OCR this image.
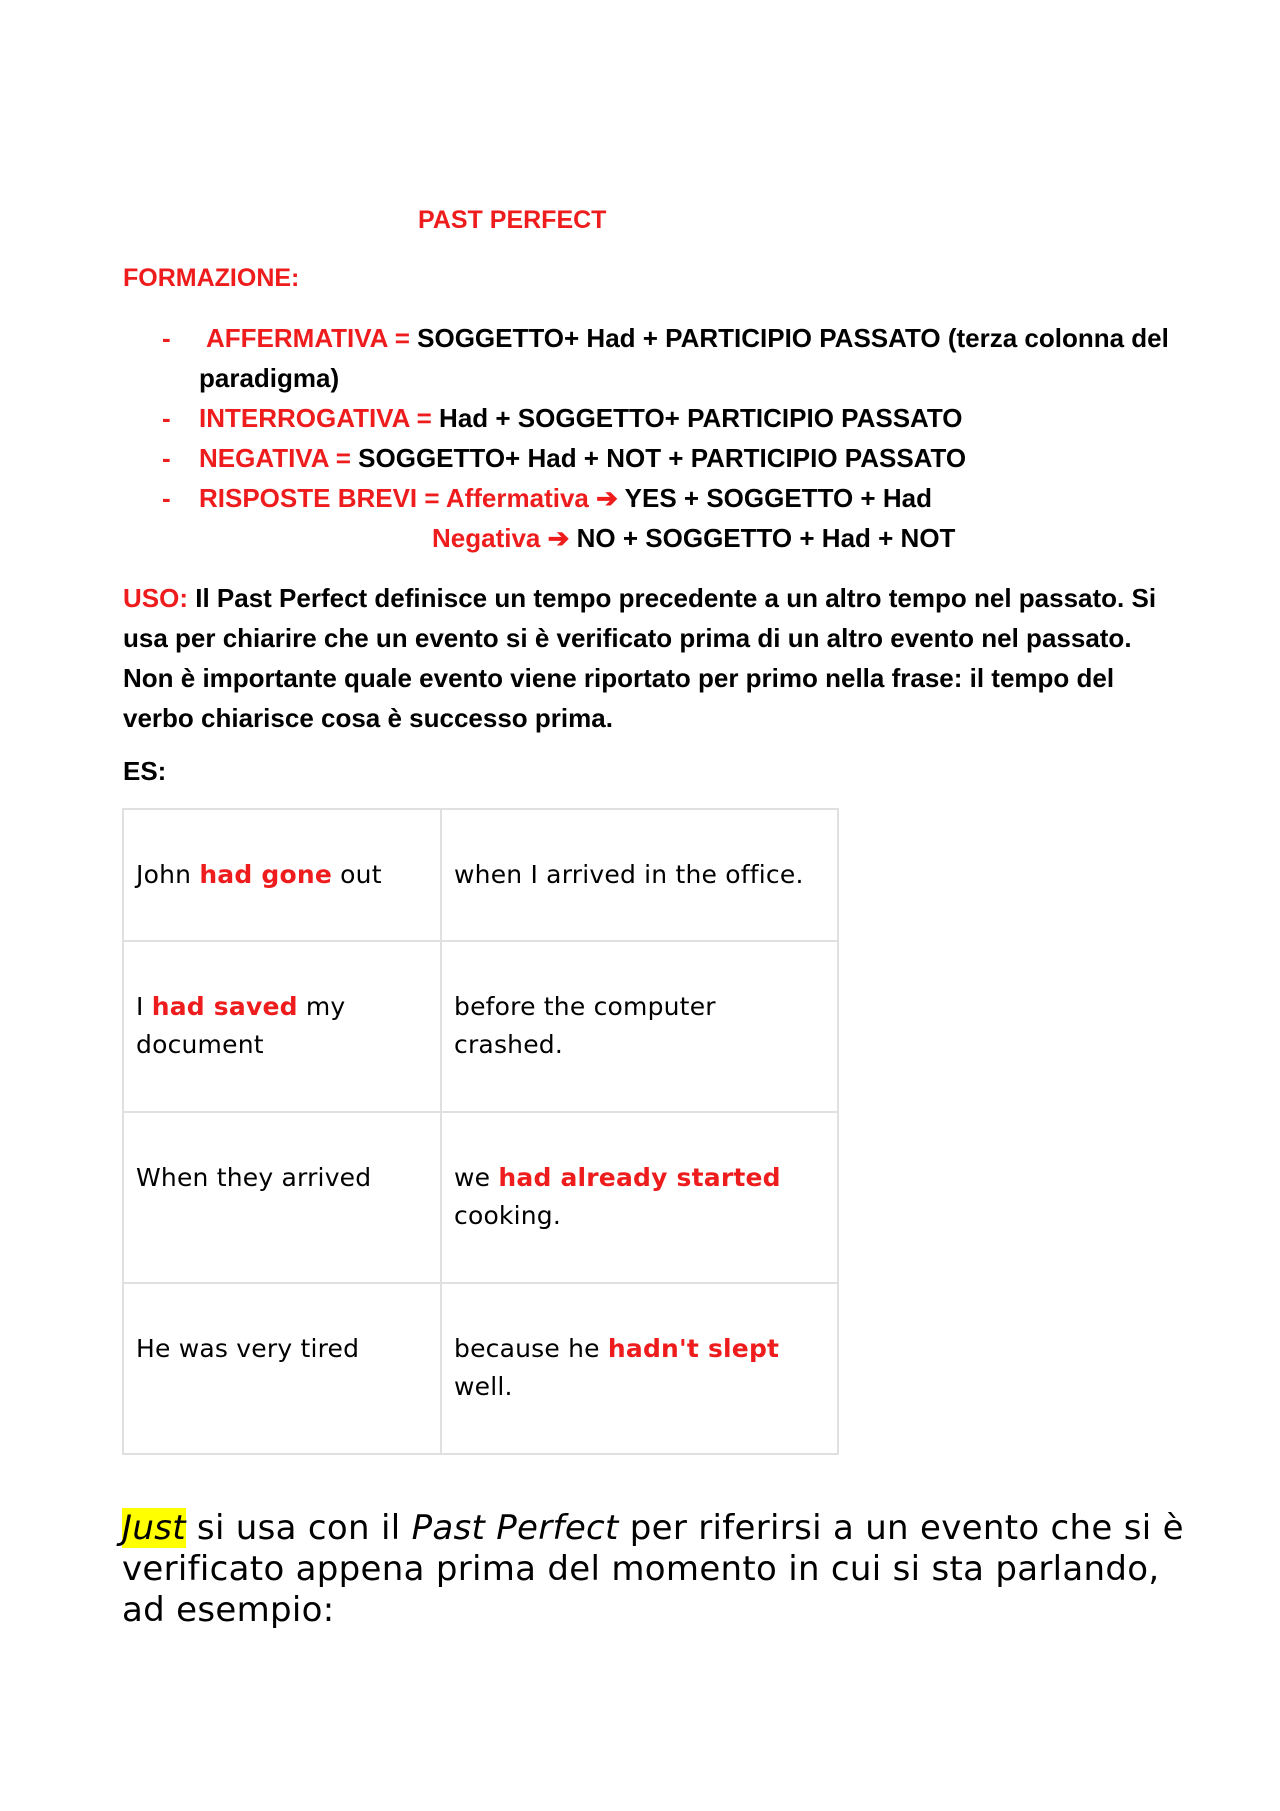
PAST PERFECT
FORMAZIONE:
- AFFERMATIVA = SOGGETTO+ Had + PARTICIPIO PASSATO (terza colonna del
paradigma)
- INTERROGATIVA = Had + SOGGETTO+ PARTICIPIO PASSATO
- NEGATIVA = SOGGETTO+ Had + NOT + PARTICIPIO PASSATO
- RISPOSTE BREVI = Affermativa ➔ YES + SOGGETTO + Had
Negativa ➔ NO + SOGGETTO + Had + NOT
USO: Il Past Perfect definisce un tempo precedente a un altro tempo nel passato. Si usa per chiarire che un evento si è verificato prima di un altro evento nel passato. Non è importante quale evento viene riportato per primo nella frase: il tempo del verbo chiarisce cosa è successo prima.
ES:
John had gone out	when I arrived in the office.
I had saved my document	before the computer crashed.
When they arrived	we had already started cooking.
He was very tired	because he hadn't slept well.
Just si usa con il Past Perfect per riferirsi a un evento che si è verificato appena prima del momento in cui si sta parlando, ad esempio:
